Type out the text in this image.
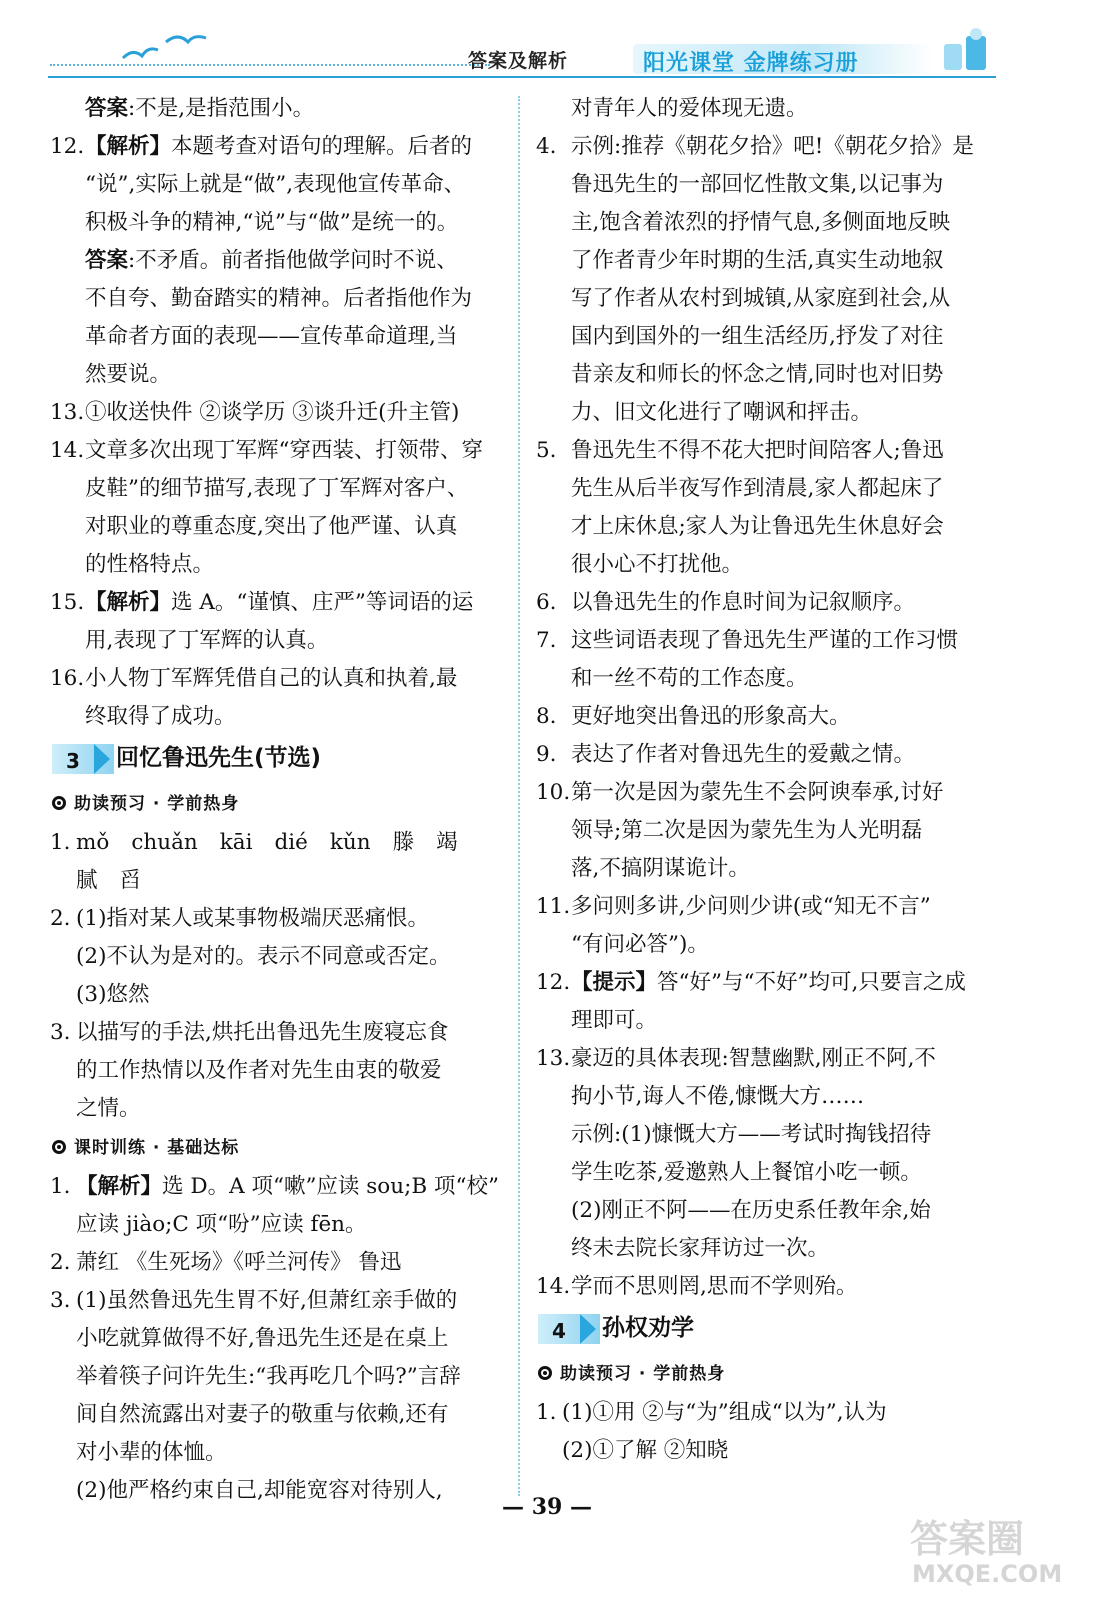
答案及解析	阳光课堂 金牌练习册
答案:不是,是指范围小。
12. 【解析】本题考查对语句的理解。后者的
“说”,实际上就是“做”,表现他宣传革命、
积极斗争的精神,“说”与“做”是统一的。
答案:不矛盾。前者指他做学问时不说、
不自夸、勤奋踏实的精神。后者指他作为
革命者方面的表现——宣传革命道理,当
然要说。
13. ①收送快件 ②谈学历 ③谈升迁(升主管)
14. 文章多次出现丁军辉“穿西装、打领带、穿
皮鞋”的细节描写,表现了丁军辉对客户、
对职业的尊重态度,突出了他严谨、认真
的性格特点。
15. 【解析】选 A。“谨慎、庄严”等词语的运
用,表现了丁军辉的认真。
16. 小人物丁军辉凭借自己的认真和执着,最
终取得了成功。
3 回忆鲁迅先生(节选)
助读预习 · 学前热身
1. mǒ chuǎn kāi dié kǔn 滕 竭腻 舀
2. (1)指对某人或某事物极端厌恶痛恨。
(2)不认为是对的。表示不同意或否定。
(3)悠然
3. 以描写的手法,烘托出鲁迅先生废寝忘食
的工作热情以及作者对先生由衷的敬爱
之情。
课时训练 · 基础达标
1. 【解析】选 D。A 项“嗽”应读 sou;B 项“校”
应读 jiào;C 项“吩”应读 fēn。
2. 萧红 《生死场》《呼兰河传》 鲁迅
3. (1)虽然鲁迅先生胃不好,但萧红亲手做的
小吃就算做得不好,鲁迅先生还是在桌上
举着筷子问许先生:“我再吃几个吗?”言辞
间自然流露出对妻子的敬重与依赖,还有
对小辈的体恤。
(2)他严格约束自己,却能宽容对待别人,
对青年人的爱体现无遗。
4. 示例:推荐《朝花夕拾》吧!《朝花夕拾》是
鲁迅先生的一部回忆性散文集,以记事为
主,饱含着浓烈的抒情气息,多侧面地反映
了作者青少年时期的生活,真实生动地叙
写了作者从农村到城镇,从家庭到社会,从
国内到国外的一组生活经历,抒发了对往
昔亲友和师长的怀念之情,同时也对旧势
力、旧文化进行了嘲讽和抨击。
5. 鲁迅先生不得不花大把时间陪客人;鲁迅
先生从后半夜写作到清晨,家人都起床了
才上床休息;家人为让鲁迅先生休息好会
很小心不打扰他。
6. 以鲁迅先生的作息时间为记叙顺序。
7. 这些词语表现了鲁迅先生严谨的工作习惯
和一丝不苟的工作态度。
8. 更好地突出鲁迅的形象高大。
9. 表达了作者对鲁迅先生的爱戴之情。
10. 第一次是因为蒙先生不会阿谀奉承,讨好
领导;第二次是因为蒙先生为人光明磊
落,不搞阴谋诡计。
11. 多问则多讲,少问则少讲(或“知无不言”
“有问必答”)。
12. 【提示】答“好”与“不好”均可,只要言之成
理即可。
13. 豪迈的具体表现:智慧幽默,刚正不阿,不
拘小节,诲人不倦,慷慨大方……
示例:(1)慷慨大方——考试时掏钱招待
学生吃茶,爱邀熟人上餐馆小吃一顿。
(2)刚正不阿——在历史系任教年余,始
终未去院长家拜访过一次。
14. 学而不思则罔,思而不学则殆。
4 孙权劝学
助读预习 · 学前热身
1. (1)①用 ②与“为”组成“以为”,认为
(2)①了解 ②知晓
— 39 —
答案圈
MXQE.COM
